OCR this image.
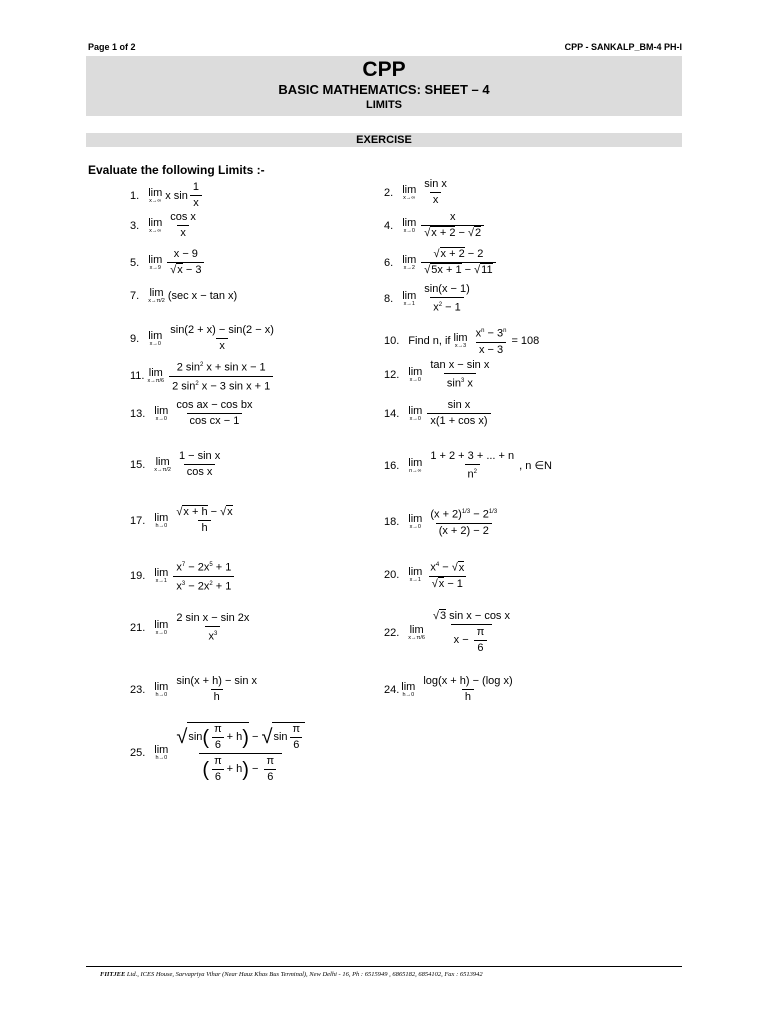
Page 1 of 2	CPP - SANKALP_BM-4 PH-I
CPP
BASIC MATHEMATICS: SHEET – 4
LIMITS
EXERCISE
Evaluate the following Limits :-
1. lim
x→∞ x $\sin \frac{1}{x}$	2. lim
$x\to\infty \frac{\text{sin x}}{x}$
3. lim
$x\to\infty \frac{\text{cos x}}{x}$	4. lim
$x\to 0 \frac{x}{√x + 2 - √2}$
5. lim
$x\to 9 \frac{x - 9}{√x - 3}$	6. lim
$x\to 2 \frac{√x + 2 - 2}{√5x + 1 - √11}$
7. lim
x→π/2 (sec x − tan x)	8. lim
$x\to 1 \frac{\sin(x - 1)}{x^2 - 1}$
9. lim
$x\to 0 \frac{\sin(2 + x) - \sin(2 - x)}{x}$	10. Find n, if lim
$x\to 3 \frac{x^n - 3^n}{x - 3} = 108$
11. lim
$x\to\pi/6 \frac{2 \sin^2 x + \sin x - 1}{2 \sin^2 x - 3 \sin x + 1}$	12. lim
$x\to 0 \frac{\text{tan x − sin x}}{\sin^3 x}$
13. lim
$x\to 0 \frac{\text{cos ax − cos bx}}{\text{cos cx − 1}}$	14. lim
$x\to 0 \frac{\text{sin x}}{\text{x(1 + cos x)}}$
15. lim
$x\to\pi/2 \frac{\text{1 − sin x}}{\text{cos x}}$	16. lim
$n\to\infty \frac{1 + 2 + 3 + ... + n}{n^2}$ , n ∈N
17. lim
$h\to 0 \frac{√x + h - √x}{h}$	18. lim
$x\to 0 \frac{(x + 2)^{1/3} - 2^{1/3}}{(x + 2) - 2}$
19. lim
$x\to 1 \frac{x^7 - 2x^5 + 1}{x^3 - 2x^2 + 1}$	20. lim
$x\to 1 \frac{x^4 - √x}{√x - 1}$
21. lim
$x\to 0 \frac{\text{2 sin x − sin 2x}}{x^3}$	22. lim
$x\to\pi/6 \frac{\text{√3 sin x − cos x}}{x - \frac{\pi}{6}}$
23. lim
$h\to 0 \frac{\text{sin(x + h) − sin x}}{h}$	24. lim
$h\to 0 \frac{\text{log(x + h) − (log x)}}{h}$
25. lim
$h\to 0 \frac{√ \sin ( \frac{\pi}{6} + h ) - √ \sin \frac{\pi}{6}}{( \frac{\pi}{6} + h ) - \frac{\pi}{6}}$
FIITJEE Ltd., ICES House, Sarvapriya Vihar (Near Hauz Khas Bus Terminal), New Delhi - 16, Ph : 6515949 , 6865182, 6854102, Fax : 6513942
